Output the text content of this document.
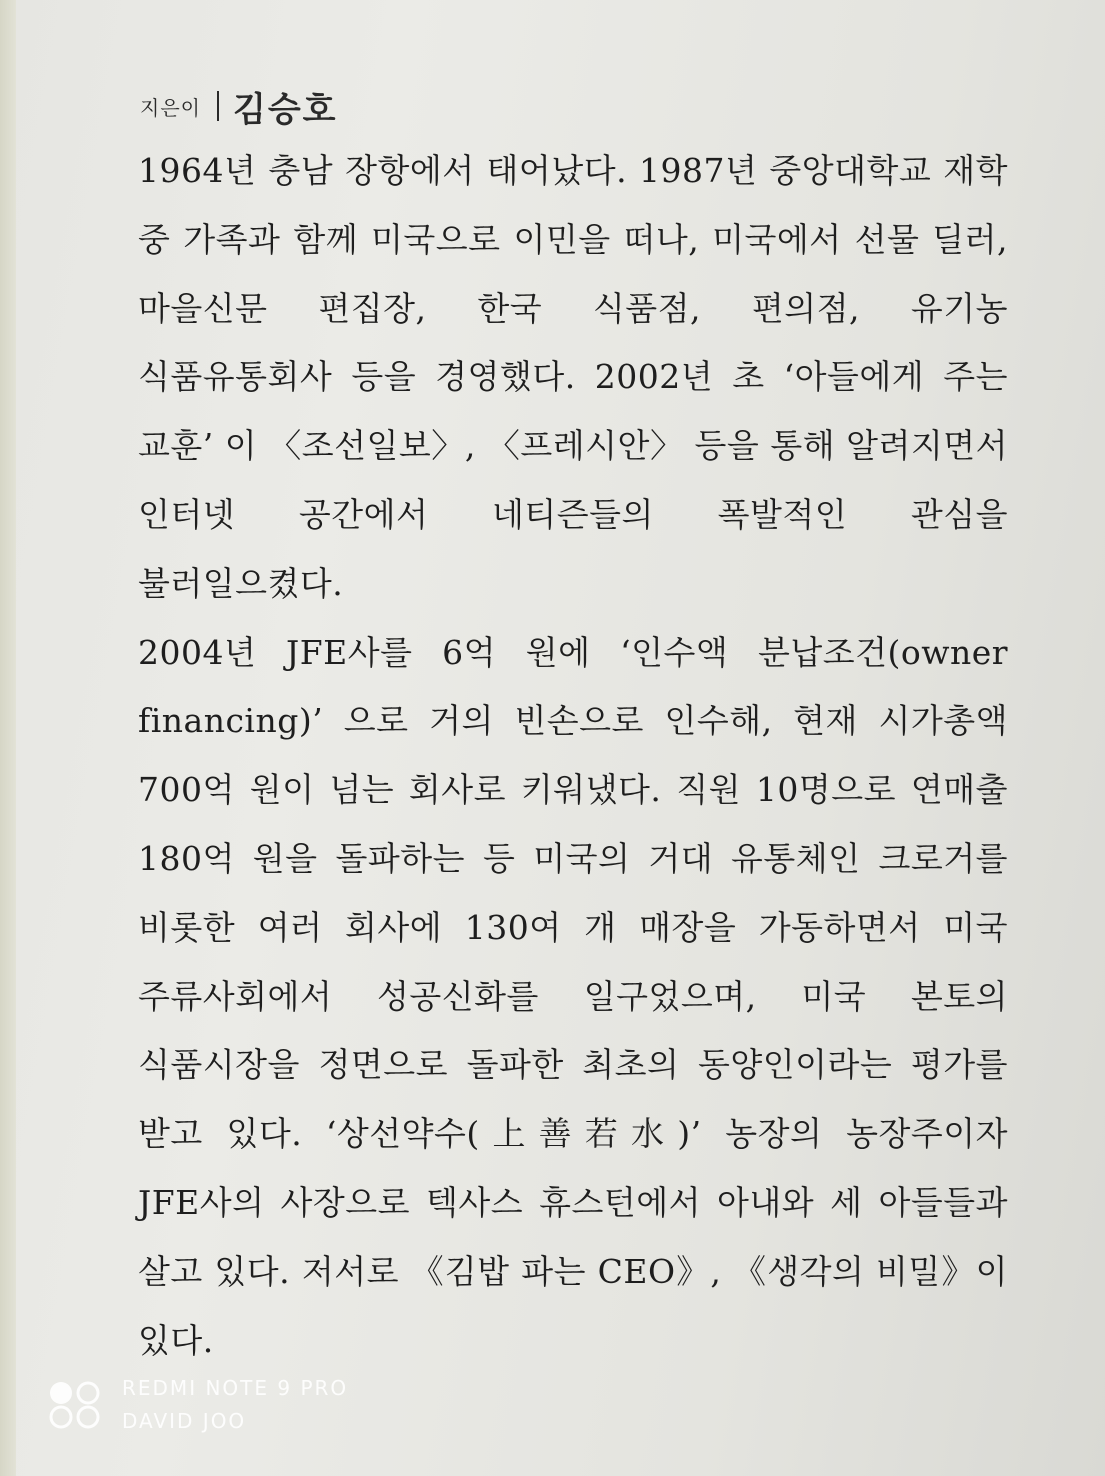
지은이 김승호

1964년 충남 장항에서 태어났다. 1987년 중앙대학교 재학 중 가족과 함께 미국으로 이민을 떠나, 미국에서 선물 딜러, 마을신문 편집장, 한국 식품점, 편의점, 유기농 식품유통회사 등을 경영했다. 2002년 초 ‘아들에게 주는 교훈’ 이 〈조선일보〉, 〈프레시안〉 등을 통해 알려지면서 인터넷 공간에서 네티즌들의 폭발적인 관심을 불러일으켰다.

2004년 JFE사를 6억 원에 ‘인수액 분납조건(owner financing)’ 으로 거의 빈손으로 인수해, 현재 시가총액 700억 원이 넘는 회사로 키워냈다. 직원 10명으로 연매출 180억 원을 돌파하는 등 미국의 거대 유통체인 크로거를 비롯한 여러 회사에 130여 개 매장을 가동하면서 미국 주류사회에서 성공신화를 일구었으며, 미국 본토의 식품시장을 정면으로 돌파한 최초의 동양인이라는 평가를 받고 있다. ‘상선약수(上善若水)’ 농장의 농장주이자 JFE사의 사장으로 텍사스 휴스턴에서 아내와 세 아들들과 살고 있다. 저서로 《김밥 파는 CEO》, 《생각의 비밀》이 있다.

REDMI NOTE 9 PRO
DAVID JOO
